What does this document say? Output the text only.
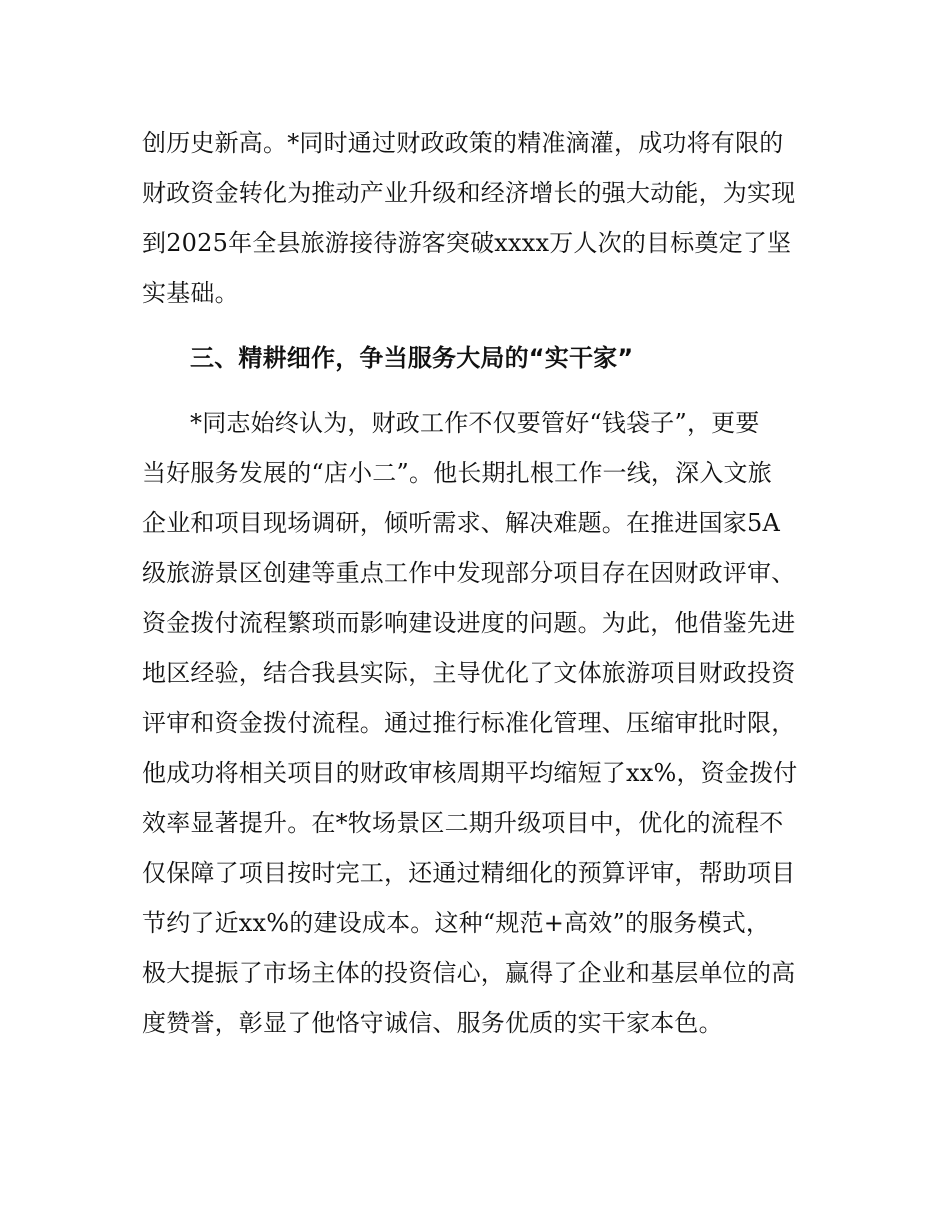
创历史新高。*同时通过财政政策的精准滴灌，成功将有限的
财政资金转化为推动产业升级和经济增长的强大动能，为实现
到2025年全县旅游接待游客突破xxxx万人次的目标奠定了坚
实基础。
三、精耕细作，争当服务大局的“实干家”
*同志始终认为，财政工作不仅要管好“钱袋子”，更要
当好服务发展的“店小二”。他长期扎根工作一线，深入文旅
企业和项目现场调研，倾听需求、解决难题。在推进国家5A
级旅游景区创建等重点工作中发现部分项目存在因财政评审、
资金拨付流程繁琐而影响建设进度的问题。为此，他借鉴先进
地区经验，结合我县实际，主导优化了文体旅游项目财政投资
评审和资金拨付流程。通过推行标准化管理、压缩审批时限，
他成功将相关项目的财政审核周期平均缩短了xx%，资金拨付
效率显著提升。在*牧场景区二期升级项目中，优化的流程不
仅保障了项目按时完工，还通过精细化的预算评审，帮助项目
节约了近xx%的建设成本。这种“规范+高效”的服务模式，
极大提振了市场主体的投资信心，赢得了企业和基层单位的高
度赞誉，彰显了他恪守诚信、服务优质的实干家本色。
